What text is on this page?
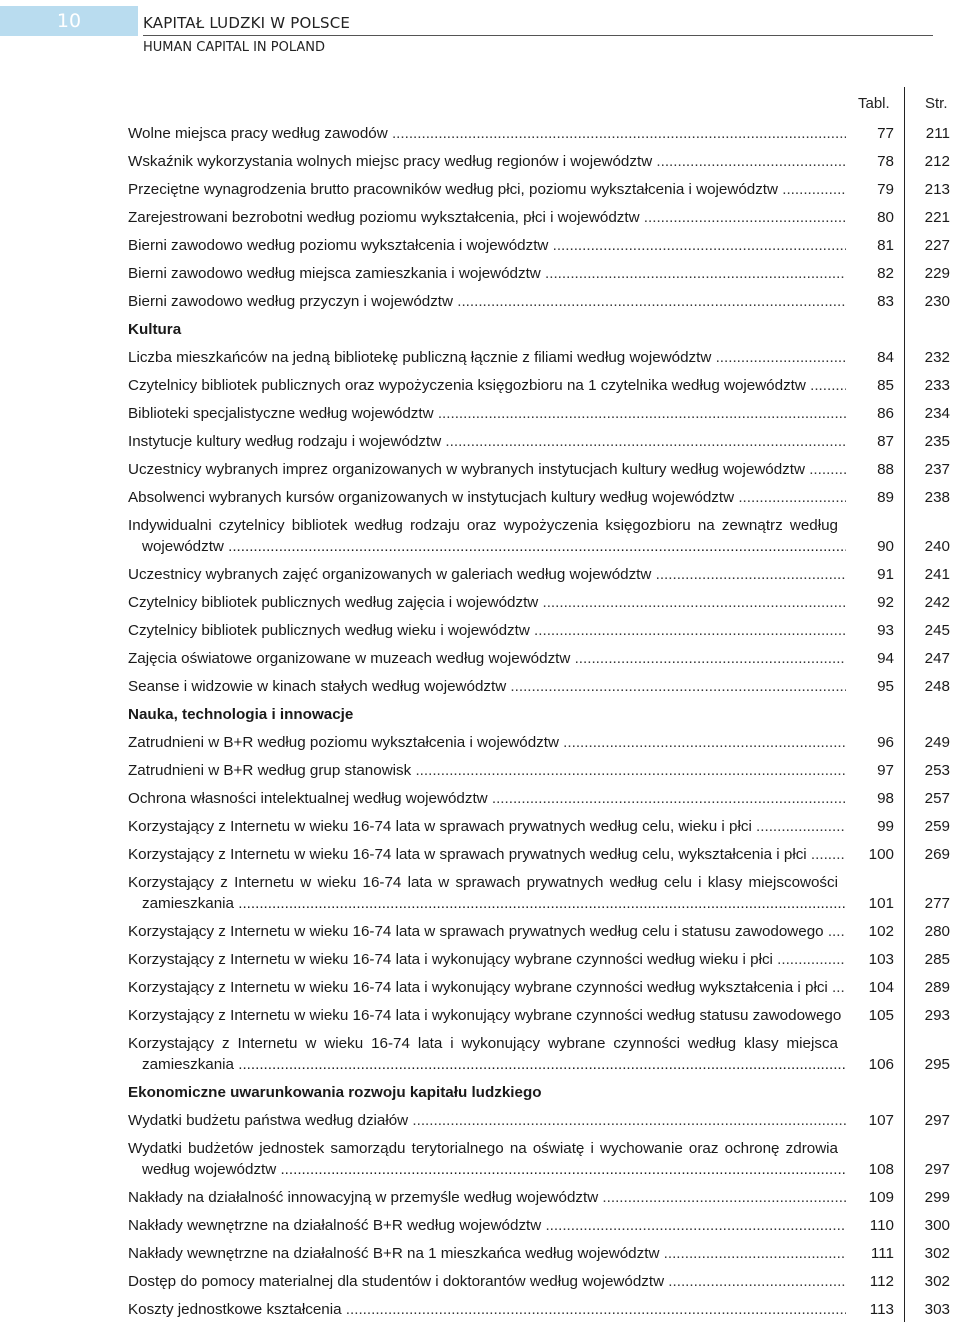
10	KAPITAŁ LUDZKI W POLSCE
HUMAN CAPITAL IN POLAND
Tabl. Str.
Wolne miejsca pracy według zawodów .....	77	211
Wskaźnik wykorzystania wolnych miejsc pracy według regionów i województw .....	78	212
Przeciętne wynagrodzenia brutto pracowników według płci, poziomu wykształcenia i województw .....	79	213
Zarejestrowani bezrobotni według poziomu wykształcenia, płci i województw .....	80	221
Bierni zawodowo według poziomu wykształcenia i województw .....	81	227
Bierni zawodowo według miejsca zamieszkania i województw .....	82	229
Bierni zawodowo według przyczyn i województw .....	83	230
Kultura
Liczba mieszkańców na jedną bibliotekę publiczną łącznie z filiami według województw .....	84	232
Czytelnicy bibliotek publicznych oraz wypożyczenia księgozbioru na 1 czytelnika według województw .....	85	233
Biblioteki specjalistyczne według województw .....	86	234
Instytucje kultury według rodzaju i województw .....	87	235
Uczestnicy wybranych imprez organizowanych w wybranych instytucjach kultury według województw .....	88	237
Absolwenci wybranych kursów organizowanych w instytucjach kultury według województw .....	89	238
Indywidualni czytelnicy bibliotek według rodzaju oraz wypożyczenia księgozbioru na zewnątrz według
województw .....	90	240
Uczestnicy wybranych zajęć organizowanych w galeriach według województw .....	91	241
Czytelnicy bibliotek publicznych według zajęcia i województw .....	92	242
Czytelnicy bibliotek publicznych według wieku i województw .....	93	245
Zajęcia oświatowe organizowane w muzeach według województw .....	94	247
Seanse i widzowie w kinach stałych według województw .....	95	248
Nauka, technologia i innowacje
Zatrudnieni w B+R według poziomu wykształcenia i województw .....	96	249
Zatrudnieni w B+R według grup stanowisk .....	97	253
Ochrona własności intelektualnej według województw .....	98	257
Korzystający z Internetu w wieku 16-74 lata w sprawach prywatnych według celu, wieku i płci .....	99	259
Korzystający z Internetu w wieku 16-74 lata w sprawach prywatnych według celu, wykształcenia i płci .....	100	269
Korzystający z Internetu w wieku 16-74 lata w sprawach prywatnych według celu i klasy miejscowości
zamieszkania .....	101	277
Korzystający z Internetu w wieku 16-74 lata w sprawach prywatnych według celu i statusu zawodowego .....	102	280
Korzystający z Internetu w wieku 16-74 lata i wykonujący wybrane czynności według wieku i płci .....	103	285
Korzystający z Internetu w wieku 16-74 lata i wykonujący wybrane czynności według wykształcenia i płci .....	104	289
Korzystający z Internetu w wieku 16-74 lata i wykonujący wybrane czynności według statusu zawodowego .....	105	293
Korzystający z Internetu w wieku 16-74 lata i wykonujący wybrane czynności według klasy miejsca
zamieszkania .....	106	295
Ekonomiczne uwarunkowania rozwoju kapitału ludzkiego
Wydatki budżetu państwa według działów .....	107	297
Wydatki budżetów jednostek samorządu terytorialnego na oświatę i wychowanie oraz ochronę zdrowia
według województw .....	108	297
Nakłady na działalność innowacyjną w przemyśle według województw .....	109	299
Nakłady wewnętrzne na działalność B+R według województw .....	110	300
Nakłady wewnętrzne na działalność B+R na 1 mieszkańca według województw .....	111	302
Dostęp do pomocy materialnej dla studentów i doktorantów według województw .....	112	302
Koszty jednostkowe kształcenia .....	113	303
